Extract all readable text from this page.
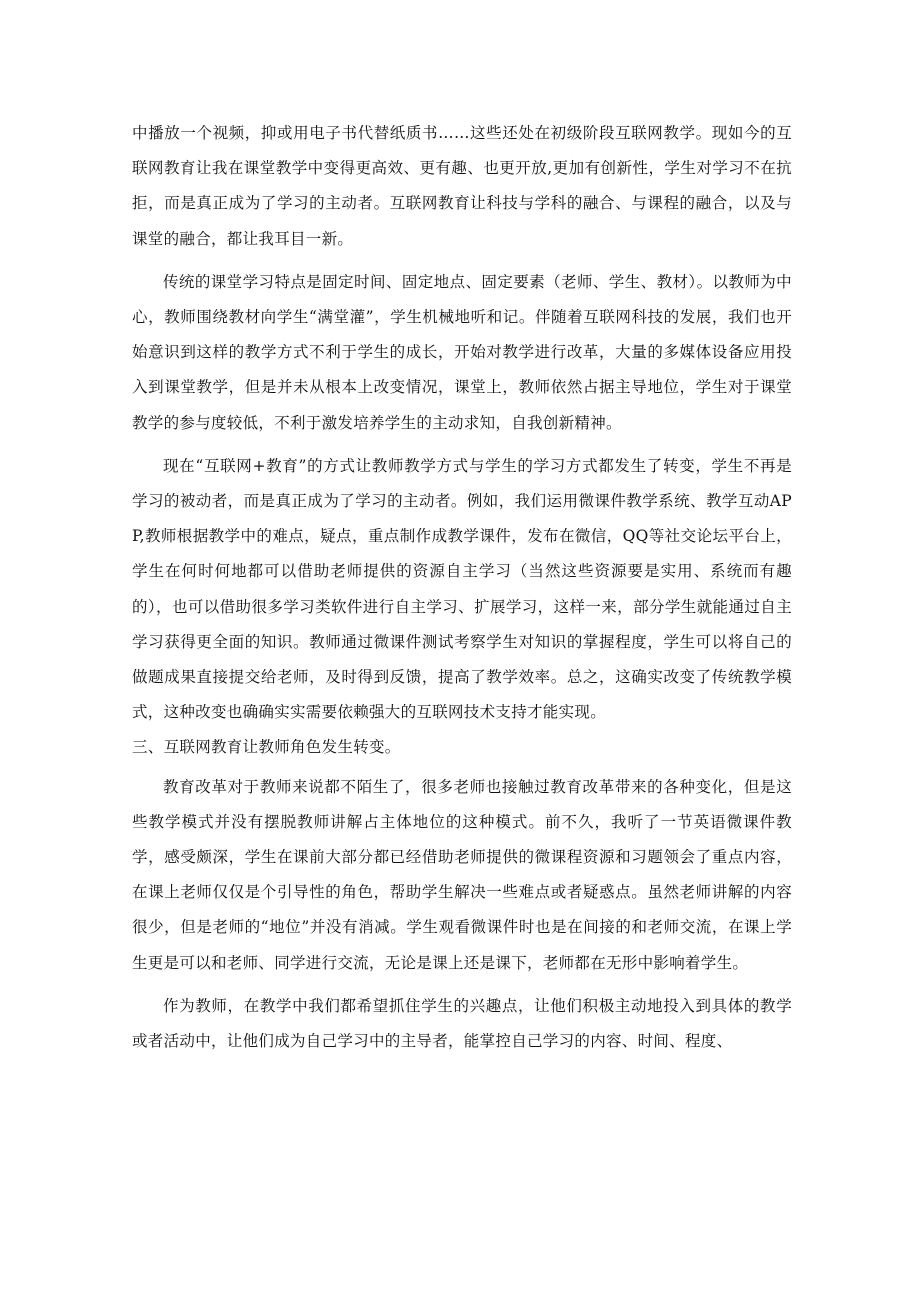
中播放一个视频，抑或用电子书代替纸质书……这些还处在初级阶段互联网教学。现如今的互联网教育让我在课堂教学中变得更高效、更有趣、也更开放,更加有创新性，学生对学习不在抗拒，而是真正成为了学习的主动者。互联网教育让科技与学科的融合、与课程的融合，以及与课堂的融合，都让我耳目一新。

传统的课堂学习特点是固定时间、固定地点、固定要素（老师、学生、教材）。以教师为中心，教师围绕教材向学生“满堂灌”，学生机械地听和记。伴随着互联网科技的发展，我们也开始意识到这样的教学方式不利于学生的成长，开始对教学进行改革，大量的多媒体设备应用投入到课堂教学，但是并未从根本上改变情况，课堂上，教师依然占据主导地位，学生对于课堂教学的参与度较低，不利于激发培养学生的主动求知，自我创新精神。

现在“互联网+教育”的方式让教师教学方式与学生的学习方式都发生了转变，学生不再是学习的被动者，而是真正成为了学习的主动者。例如，我们运用微课件教学系统、教学互动APP,教师根据教学中的难点，疑点，重点制作成教学课件，发布在微信，QQ等社交论坛平台上，学生在何时何地都可以借助老师提供的资源自主学习（当然这些资源要是实用、系统而有趣的），也可以借助很多学习类软件进行自主学习、扩展学习，这样一来，部分学生就能通过自主学习获得更全面的知识。教师通过微课件测试考察学生对知识的掌握程度，学生可以将自己的做题成果直接提交给老师，及时得到反馈，提高了教学效率。总之，这确实改变了传统教学模式，这种改变也确确实实需要依赖强大的互联网技术支持才能实现。

三、互联网教育让教师角色发生转变。

教育改革对于教师来说都不陌生了，很多老师也接触过教育改革带来的各种变化，但是这些教学模式并没有摆脱教师讲解占主体地位的这种模式。前不久，我听了一节英语微课件教学，感受颇深，学生在课前大部分都已经借助老师提供的微课程资源和习题领会了重点内容，在课上老师仅仅是个引导性的角色，帮助学生解决一些难点或者疑惑点。虽然老师讲解的内容很少，但是老师的“地位”并没有消减。学生观看微课件时也是在间接的和老师交流，在课上学生更是可以和老师、同学进行交流，无论是课上还是课下，老师都在无形中影响着学生。

作为教师，在教学中我们都希望抓住学生的兴趣点，让他们积极主动地投入到具体的教学或者活动中，让他们成为自己学习中的主导者，能掌控自己学习的内容、时间、程度、
